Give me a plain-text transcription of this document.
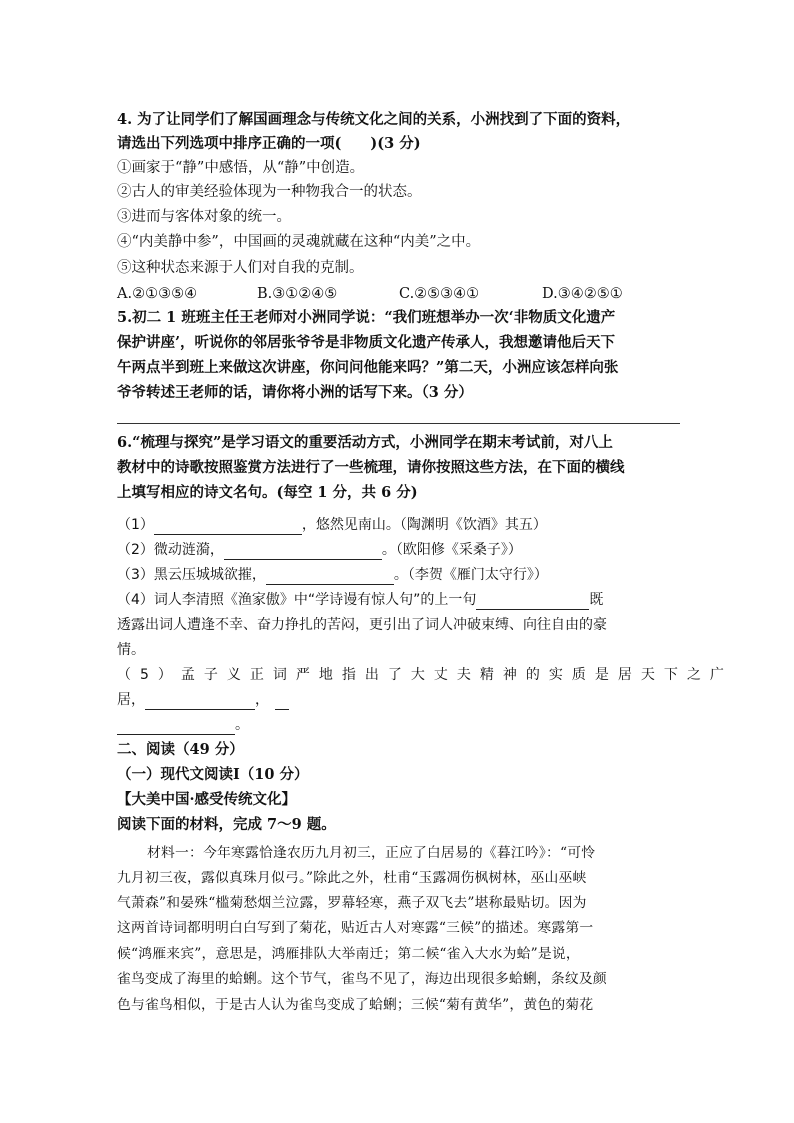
4. 为了让同学们了解国画理念与传统文化之间的关系，小洲找到了下面的资料，
请选出下列选项中排序正确的一项(　　)(3 分)
①画家于“静”中感悟，从“静”中创造。
②古人的审美经验体现为一种物我合一的状态。
③进而与客体对象的统一。
④“内美静中参”，中国画的灵魂就藏在这种“内美”之中。
⑤这种状态来源于人们对自我的克制。
A.②①③⑤④	B.③①②④⑤	C.②⑤③④①	D.③④②⑤①
5.初二 1 班班主任王老师对小洲同学说：“我们班想举办一次‘非物质文化遗产
保护讲座’，听说你的邻居张爷爷是非物质文化遗产传承人，我想邀请他后天下
午两点半到班上来做这次讲座，你问问他能来吗？”第二天，小洲应该怎样向张
爷爷转述王老师的话，请你将小洲的话写下来。（3 分）
6.“梳理与探究”是学习语文的重要活动方式，小洲同学在期末考试前，对八上
教材中的诗歌按照鉴赏方法进行了一些梳理，请你按照这些方法，在下面的横线
上填写相应的诗文名句。(每空 1 分，共 6 分)
（1）	，悠然见南山。（陶渊明《饮酒》其五）
（2）微动涟漪，	。（欧阳修《采桑子》）
（3）黑云压城城欲摧，	。（李贺《雁门太守行》）
（4）词人李清照《渔家傲》中“学诗谩有惊人句”的上一句	既
透露出词人遭逢不幸、奋力挣扎的苦闷，更引出了词人冲破束缚、向往自由的豪
情。
（5）孟子义正词严地指出了大丈夫精神的实质是居天下之广
居，	，
。
二、阅读（49 分）
（一）现代文阅读Ⅰ（10 分）
【大美中国·感受传统文化】
阅读下面的材料，完成 7～9 题。
材料一：今年寒露恰逢农历九月初三，正应了白居易的《暮江吟》：“可怜
九月初三夜，露似真珠月似弓。”除此之外，杜甫“玉露凋伤枫树林，巫山巫峡
气萧森”和晏殊“槛菊愁烟兰泣露，罗幕轻寒，燕子双飞去”堪称最贴切。因为
这两首诗词都明明白白写到了菊花，贴近古人对寒露“三候”的描述。寒露第一
候“鸿雁来宾”，意思是，鸿雁排队大举南迁；第二候“雀入大水为蛤”是说，
雀鸟变成了海里的蛤蜊。这个节气，雀鸟不见了，海边出现很多蛤蜊，条纹及颜
色与雀鸟相似，于是古人认为雀鸟变成了蛤蜊；三候“菊有黄华”，黄色的菊花
